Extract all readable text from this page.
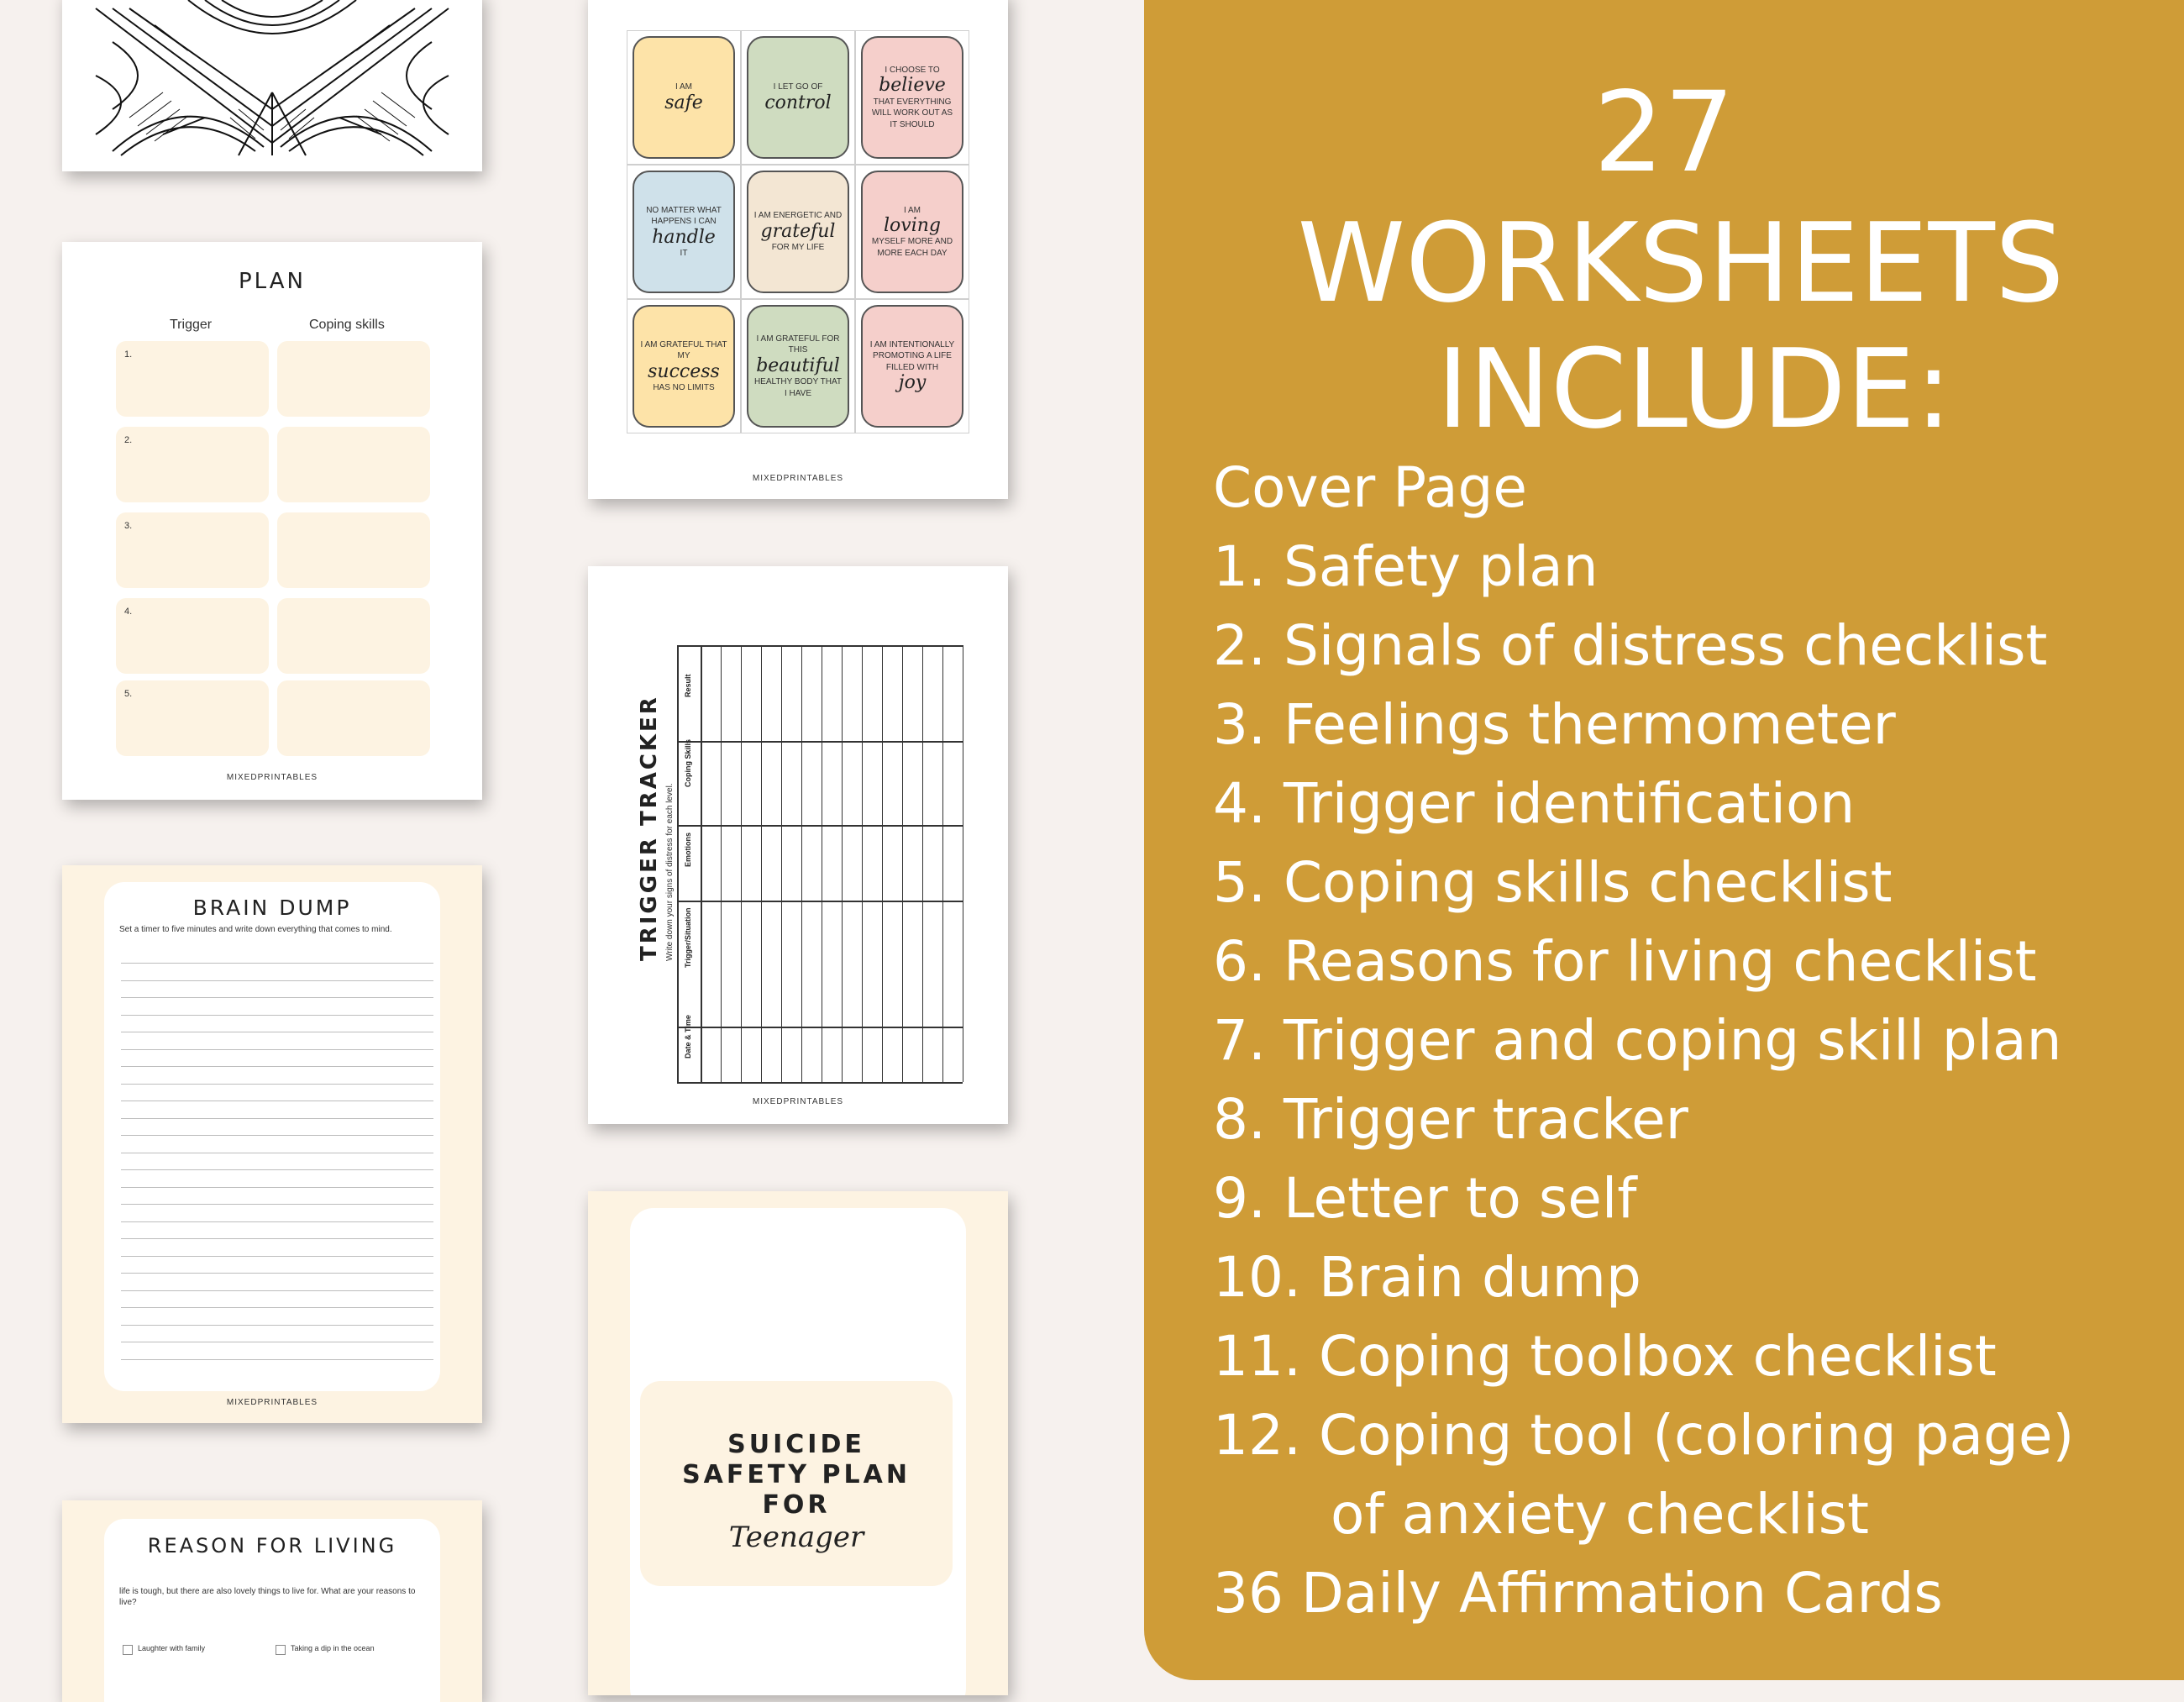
PLAN
Trigger	Coping skills
1.
2.
3.
4.
5.
MIXEDPRINTABLES
BRAIN DUMP
Set a timer to five minutes and write down everything that comes to mind.
MIXEDPRINTABLES
REASON FOR LIVING
life is tough, but there are also lovely things to live for. What are your reasons to live?
Laughter with family	Taking a dip in the ocean
I AM
safe
I LET GO OF
control
I CHOOSE TO
believe
THAT EVERYTHING WILL WORK OUT AS IT SHOULD
NO MATTER WHAT HAPPENS I CAN
handle
IT
I AM ENERGETIC AND
grateful
FOR MY LIFE
I AM
loving
MYSELF MORE AND MORE EACH DAY
I AM GRATEFUL THAT MY
success
HAS NO LIMITS
I AM GRATEFUL FOR THIS
beautiful
HEALTHY BODY THAT I HAVE
I AM INTENTIONALLY PROMOTING A LIFE FILLED WITH
joy
MIXEDPRINTABLES
TRIGGER TRACKER Write down your signs of distress for each level.
Result
Coping Skills
Emotions
Trigger/Situation
Date & Time
MIXEDPRINTABLES
SUICIDE
SAFETY PLAN
FOR
Teenager
27
WORKSHEETS
INCLUDE:
Cover Page
1. Safety plan
2. Signals of distress checklist
3. Feelings thermometer
4. Trigger identification
5. Coping skills checklist
6. Reasons for living checklist
7. Trigger and coping skill plan
8. Trigger tracker
9. Letter to self
10. Brain dump
11. Coping toolbox checklist
12. Coping tool (coloring page)
of anxiety checklist
36 Daily Affirmation Cards
